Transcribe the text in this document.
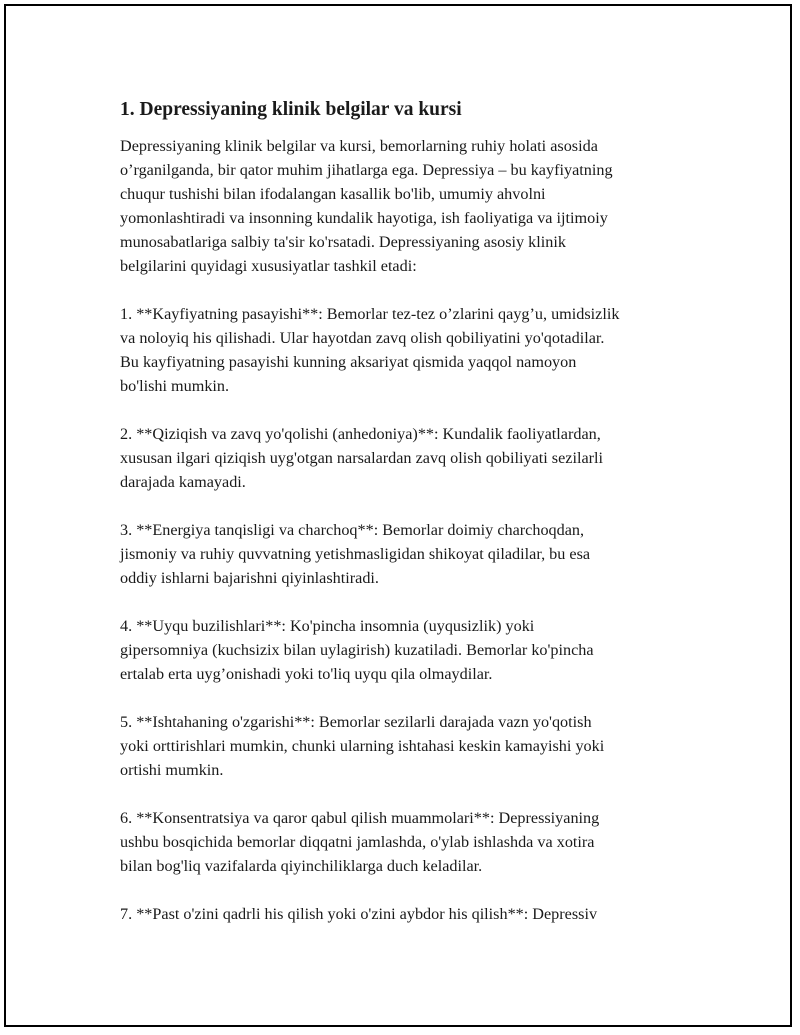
1. Depressiyaning klinik belgilar va kursi
Depressiyaning klinik belgilar va kursi, bemorlarning ruhiy holati asosida
o’rganilganda, bir qator muhim jihatlarga ega. Depressiya – bu kayfiyatning
chuqur tushishi bilan ifodalangan kasallik bo'lib, umumiy ahvolni
yomonlashtiradi va insonning kundalik hayotiga, ish faoliyatiga va ijtimoiy
munosabatlariga salbiy ta'sir ko'rsatadi. Depressiyaning asosiy klinik
belgilarini quyidagi xususiyatlar tashkil etadi:
1. **Kayfiyatning pasayishi**: Bemorlar tez-tez o’zlarini qayg’u, umidsizlik
va noloyiq his qilishadi. Ular hayotdan zavq olish qobiliyatini yo'qotadilar.
Bu kayfiyatning pasayishi kunning aksariyat qismida yaqqol namoyon
bo'lishi mumkin.
2. **Qiziqish va zavq yo'qolishi (anhedoniya)**: Kundalik faoliyatlardan,
xususan ilgari qiziqish uyg'otgan narsalardan zavq olish qobiliyati sezilarli
darajada kamayadi.
3. **Energiya tanqisligi va charchoq**: Bemorlar doimiy charchoqdan,
jismoniy va ruhiy quvvatning yetishmasligidan shikoyat qiladilar, bu esa
oddiy ishlarni bajarishni qiyinlashtiradi.
4. **Uyqu buzilishlari**: Ko'pincha insomnia (uyqusizlik) yoki
gipersomniya (kuchsizix bilan uylagirish) kuzatiladi. Bemorlar ko'pincha
ertalab erta uyg’onishadi yoki to'liq uyqu qila olmaydilar.
5. **Ishtahaning o'zgarishi**: Bemorlar sezilarli darajada vazn yo'qotish
yoki orttirishlari mumkin, chunki ularning ishtahasi keskin kamayishi yoki
ortishi mumkin.
6. **Konsentratsiya va qaror qabul qilish muammolari**: Depressiyaning
ushbu bosqichida bemorlar diqqatni jamlashda, o'ylab ishlashda va xotira
bilan bog'liq vazifalarda qiyinchiliklarga duch keladilar.
7. **Past o'zini qadrli his qilish yoki o'zini aybdor his qilish**: Depressiv
